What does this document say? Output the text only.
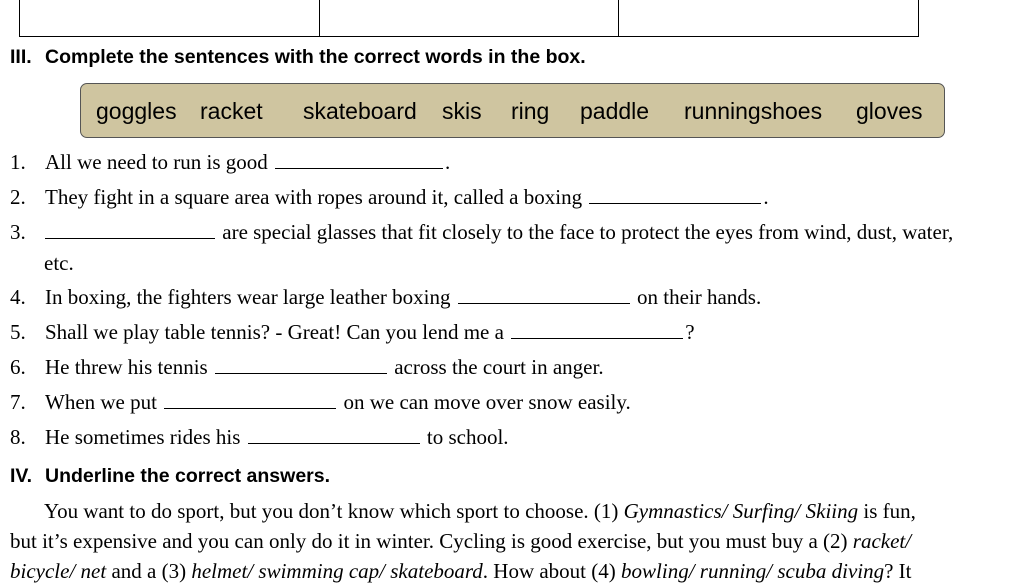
III. Complete the sentences with the correct words in the box.
goggles racket skateboard skis ring paddle runningshoes gloves
1. All we need to run is good	.
2. They fight in a square area with ropes around it, called a boxing	.
3.	are special glasses that fit closely to the face to protect the eyes from wind, dust, water,
etc.
4. In boxing, the fighters wear large leather boxing	on their hands.
5. Shall we play table tennis? - Great! Can you lend me a	?
6. He threw his tennis	across the court in anger.
7. When we put	on we can move over snow easily.
8. He sometimes rides his	to school.
IV. Underline the correct answers.
You want to do sport, but you don’t know which sport to choose. (1) Gymnastics/ Surfing/ Skiing is fun,
but it’s expensive and you can only do it in winter. Cycling is good exercise, but you must buy a (2) racket/
bicycle/ net and a (3) helmet/ swimming cap/ skateboard. How about (4) bowling/ running/ scuba diving? It
